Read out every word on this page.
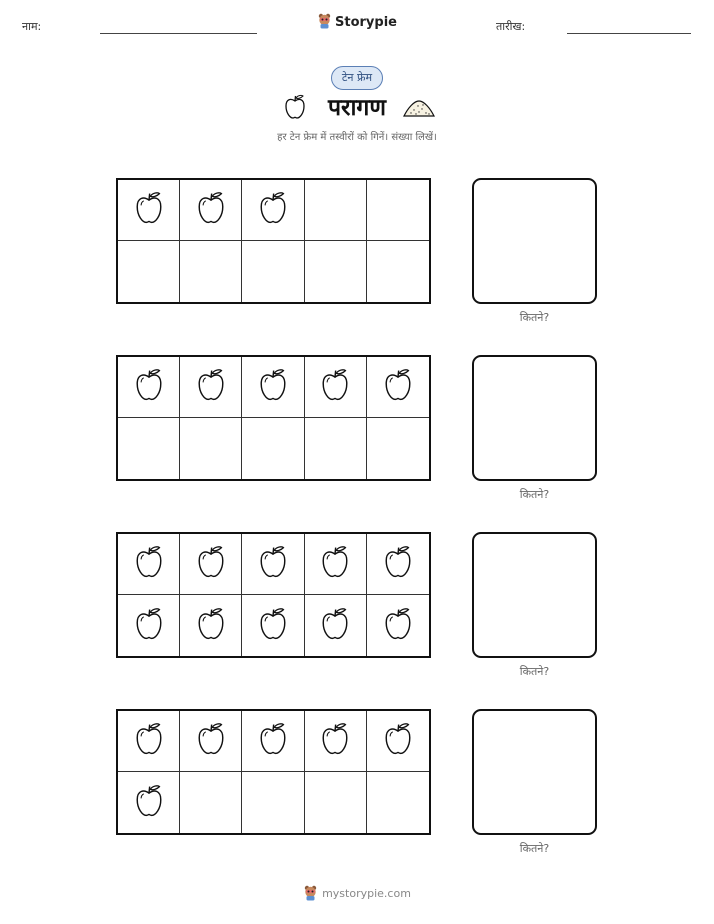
नाम:	Storypie	तारीख:
टेन फ्रेम
परागण
हर टेन फ्रेम में तस्वीरों को गिनें। संख्या लिखें।
कितने?
कितने?
कितने?
कितने?
mystorypie.com
